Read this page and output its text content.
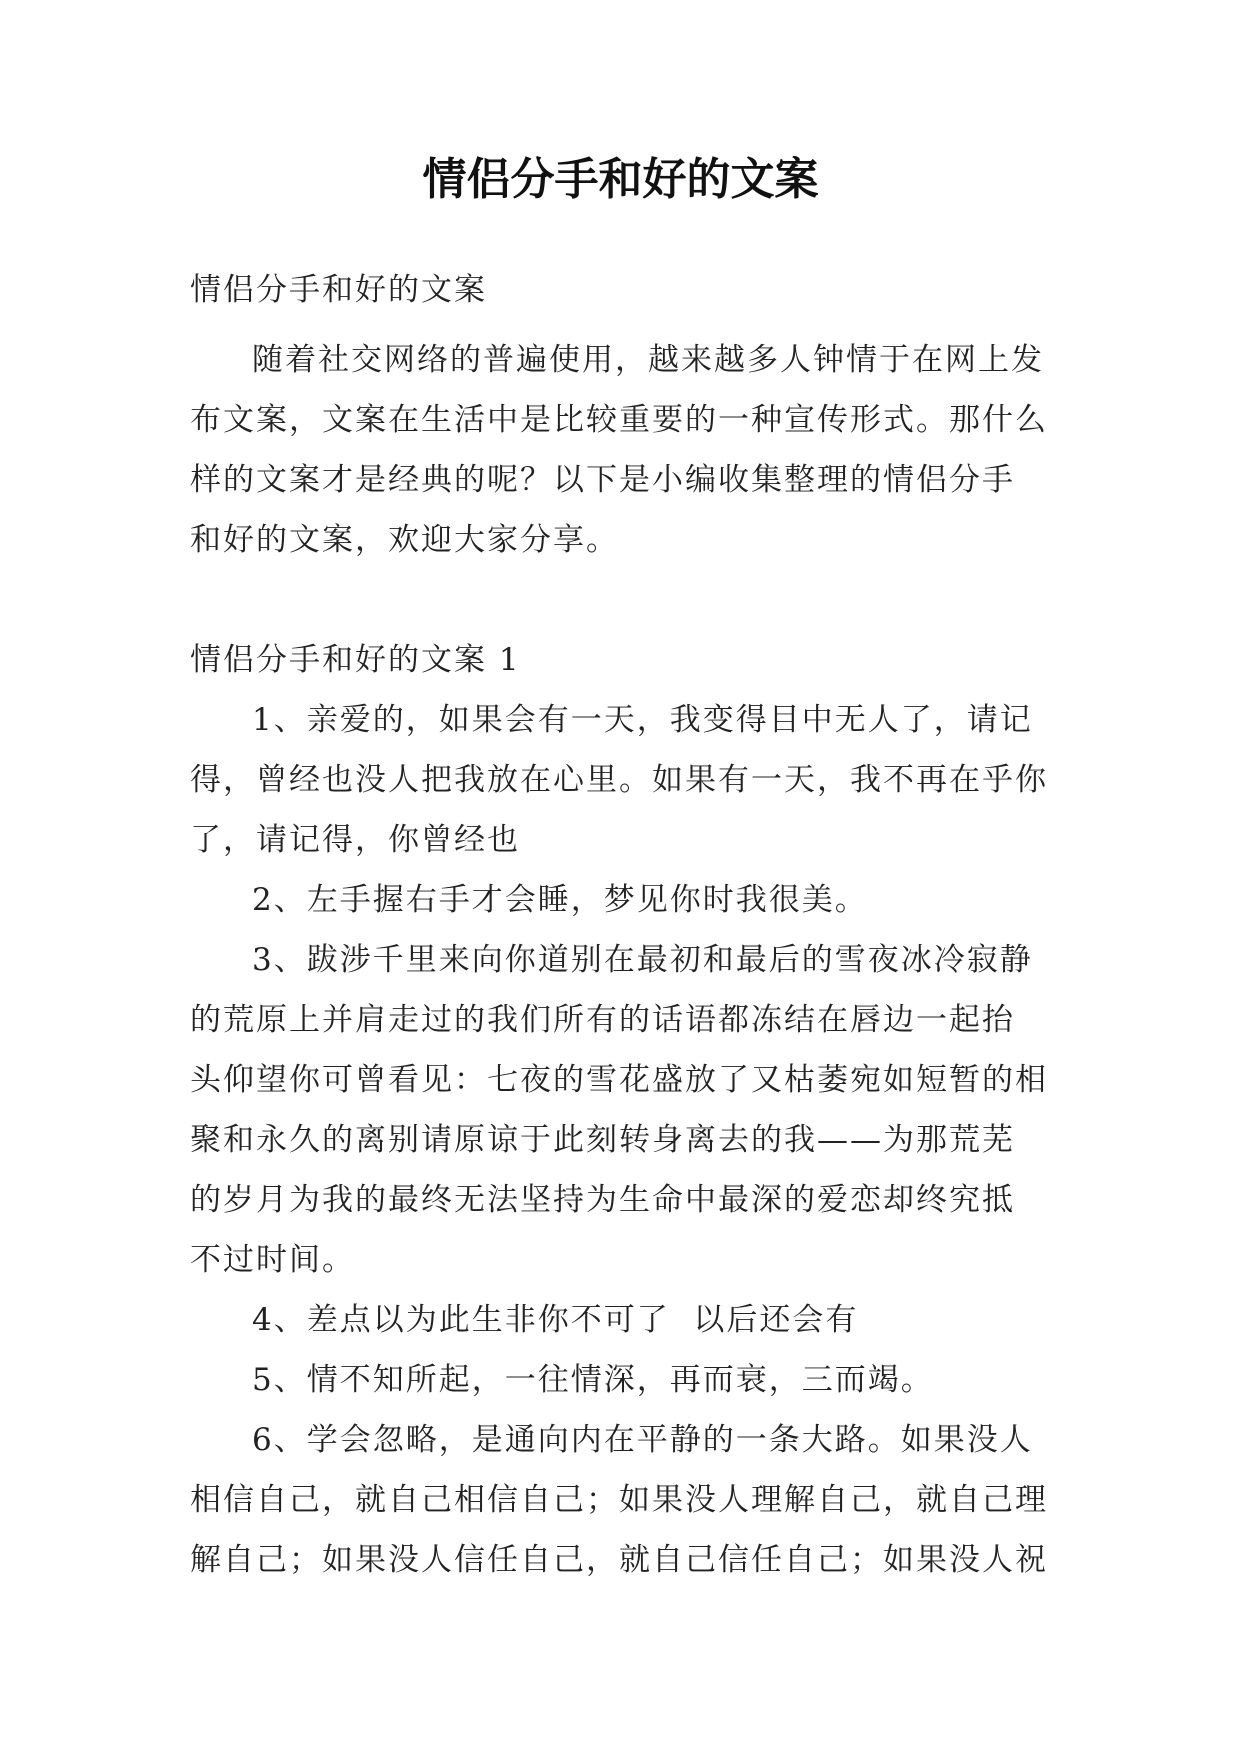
情侣分手和好的文案
情侣分手和好的文案
随着社交网络的普遍使用，越来越多人钟情于在网上发
布文案，文案在生活中是比较重要的一种宣传形式。那什么
样的文案才是经典的呢？以下是小编收集整理的情侣分手
和好的文案，欢迎大家分享。
情侣分手和好的文案 1
1、亲爱的，如果会有一天，我变得目中无人了，请记
得，曾经也没人把我放在心里。如果有一天，我不再在乎你
了，请记得，你曾经也
2、左手握右手才会睡，梦见你时我很美。
3、跋涉千里来向你道别在最初和最后的雪夜冰冷寂静
的荒原上并肩走过的我们所有的话语都冻结在唇边一起抬
头仰望你可曾看见：七夜的雪花盛放了又枯萎宛如短暂的相
聚和永久的离别请原谅于此刻转身离去的我——为那荒芜
的岁月为我的最终无法坚持为生命中最深的爱恋却终究抵
不过时间。
4、差点以为此生非你不可了  以后还会有
5、情不知所起，一往情深，再而衰，三而竭。
6、学会忽略，是通向内在平静的一条大路。如果没人
相信自己，就自己相信自己；如果没人理解自己，就自己理
解自己；如果没人信任自己，就自己信任自己；如果没人祝
